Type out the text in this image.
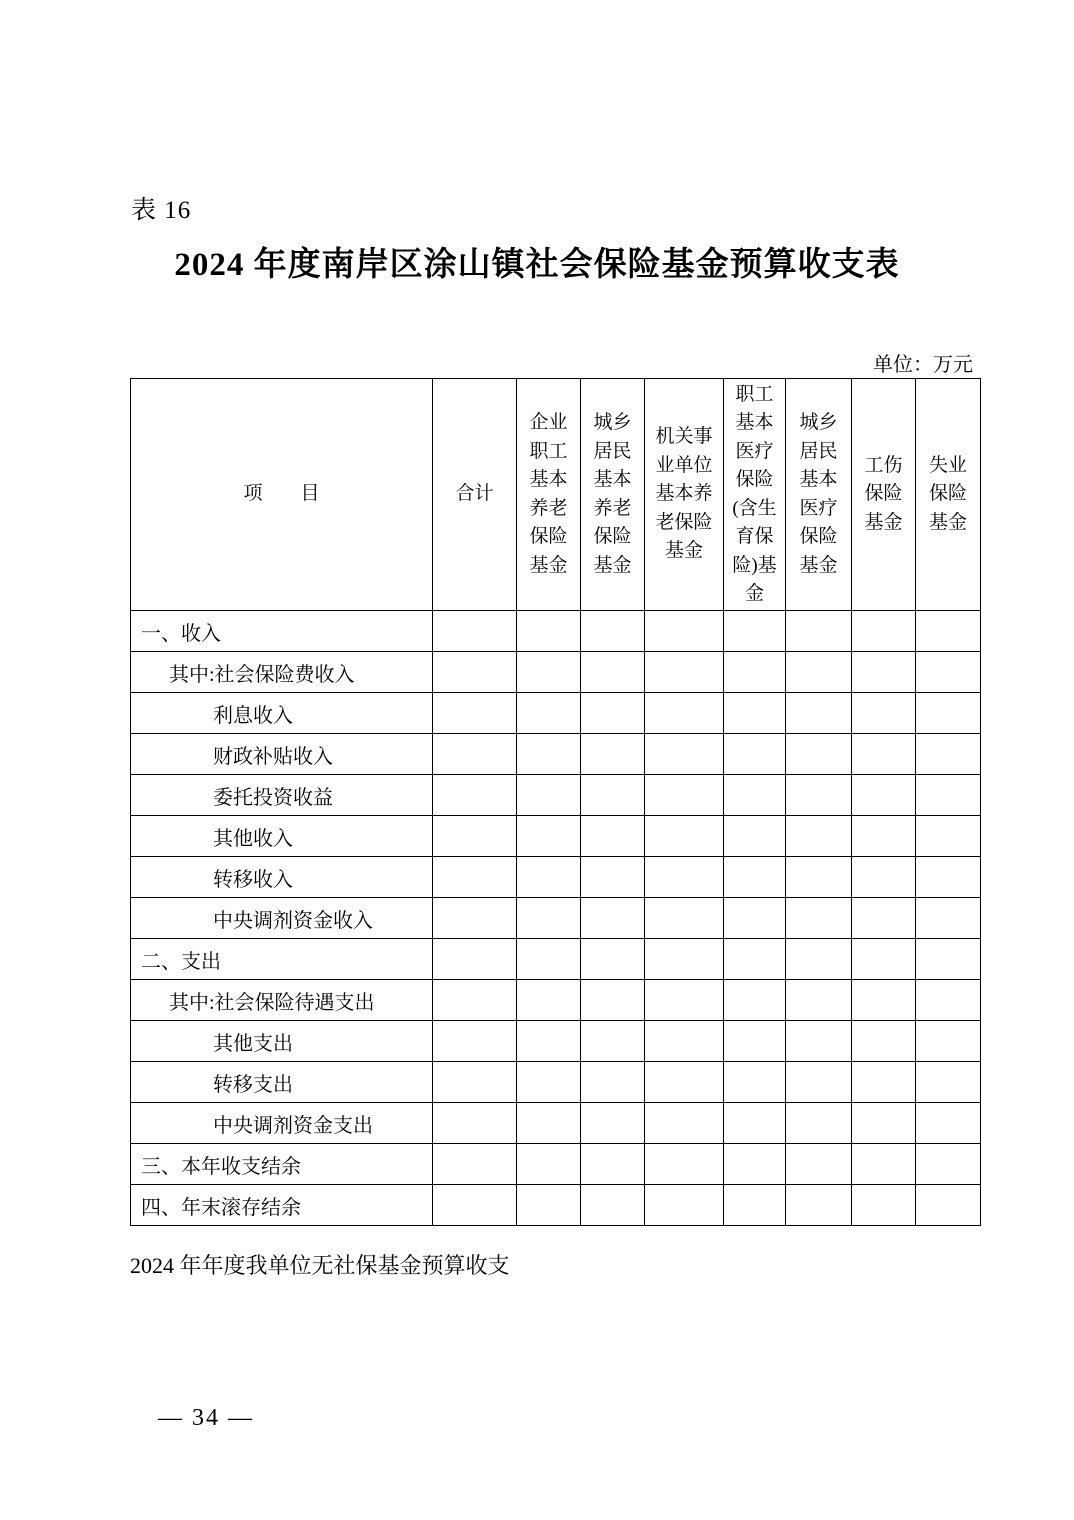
表 16
2024 年度南岸区涂山镇社会保险基金预算收支表
单位：万元
项　　目	合计	企业职工基本养老保险基金	城乡居民基本养老保险基金	机关事业单位基本养老保险基金	职工基本医疗保险(含生育保险)基金	城乡居民基本医疗保险基金	工伤保险基金	失业保险基金
一、收入								
其中:社会保险费收入								
利息收入								
财政补贴收入								
委托投资收益								
其他收入								
转移收入								
中央调剂资金收入								
二、支出								
其中:社会保险待遇支出								
其他支出								
转移支出								
中央调剂资金支出								
三、本年收支结余								
四、年末滚存结余								
2024 年年度我单位无社保基金预算收支
— 34 —
